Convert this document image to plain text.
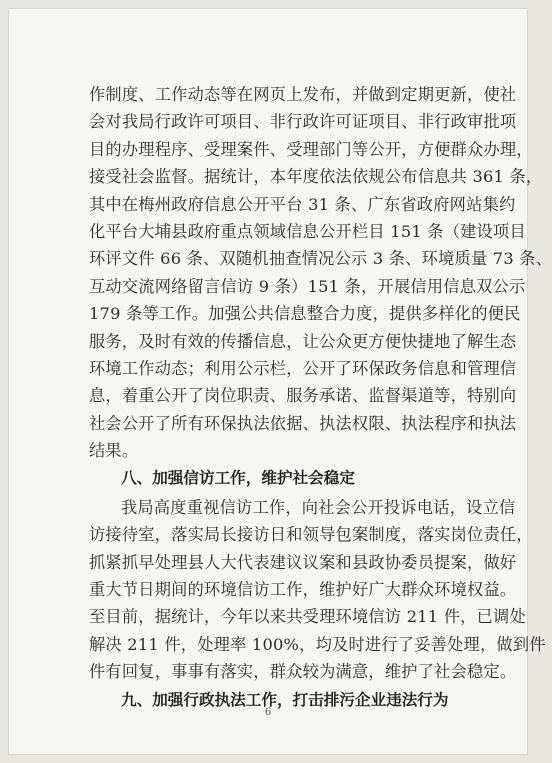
作制度、工作动态等在网页上发布，并做到定期更新，使社
会对我局行政许可项目、非行政许可证项目、非行政审批项
目的办理程序、受理案件、受理部门等公开，方便群众办理，
接受社会监督。据统计，本年度依法依规公布信息共 361 条，
其中在梅州政府信息公开平台 31 条、广东省政府网站集约
化平台大埔县政府重点领域信息公开栏目 151 条（建设项目
环评文件 66 条、双随机抽查情况公示 3 条、环境质量 73 条、
互动交流网络留言信访 9 条）151 条，开展信用信息双公示
179 条等工作。加强公共信息整合力度，提供多样化的便民
服务，及时有效的传播信息，让公众更方便快捷地了解生态
环境工作动态；利用公示栏，公开了环保政务信息和管理信
息，着重公开了岗位职责、服务承诺、监督渠道等，特别向
社会公开了所有环保执法依据、执法权限、执法程序和执法
结果。
八、加强信访工作，维护社会稳定
我局高度重视信访工作，向社会公开投诉电话，设立信
访接待室，落实局长接访日和领导包案制度，落实岗位责任，
抓紧抓早处理县人大代表建议议案和县政协委员提案，做好
重大节日期间的环境信访工作，维护好广大群众环境权益。
至目前，据统计，今年以来共受理环境信访 211 件，已调处
解决 211 件，处理率 100%，均及时进行了妥善处理，做到件
件有回复，事事有落实，群众较为满意，维护了社会稳定。
九、加强行政执法工作，打击排污企业违法行为
6
